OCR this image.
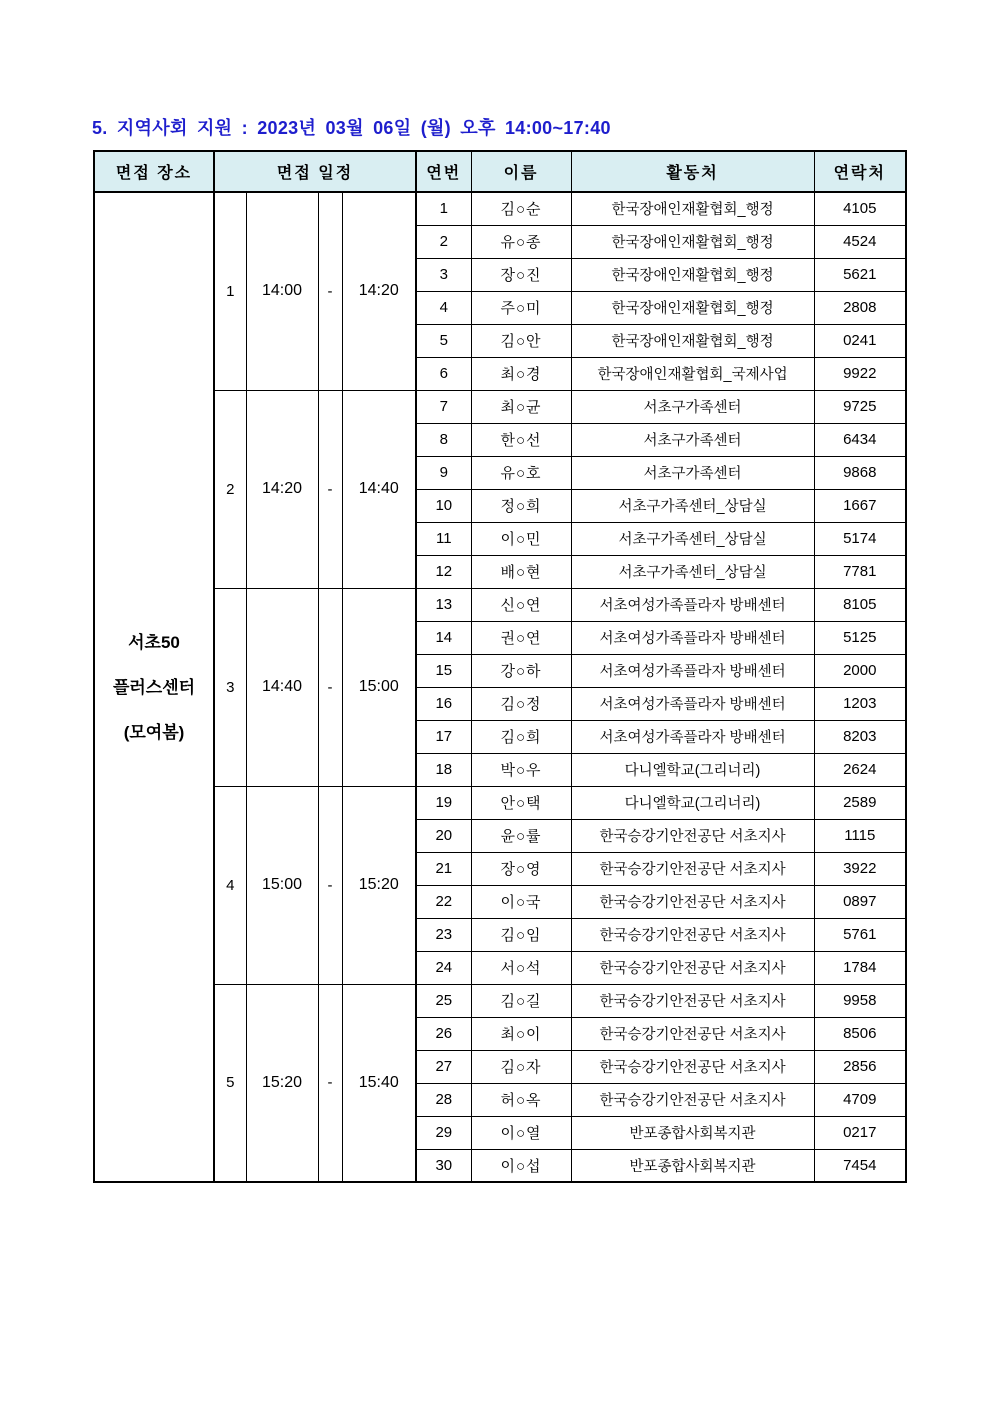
5. 지역사회 지원 : 2023년 03월 06일 (월) 오후 14:00~17:40
면접 장소	면접 일정				연번	이름	활동처	연락처

서초50
플러스센터
(모여봄)	1	14:00	-	14:20	1	김○순	한국장애인재활협회_행정	4105
					2	유○종	한국장애인재활협회_행정	4524
					3	장○진	한국장애인재활협회_행정	5621
					4	주○미	한국장애인재활협회_행정	2808
					5	김○안	한국장애인재활협회_행정	0241
					6	최○경	한국장애인재활협회_국제사업	9922
	2	14:20	-	14:40	7	최○균	서초구가족센터	9725
					8	한○선	서초구가족센터	6434
					9	유○호	서초구가족센터	9868
					10	정○희	서초구가족센터_상담실	1667
					11	이○민	서초구가족센터_상담실	5174
					12	배○현	서초구가족센터_상담실	7781
	3	14:40	-	15:00	13	신○연	서초여성가족플라자 방배센터	8105
					14	권○연	서초여성가족플라자 방배센터	5125
					15	강○하	서초여성가족플라자 방배센터	2000
					16	김○정	서초여성가족플라자 방배센터	1203
					17	김○희	서초여성가족플라자 방배센터	8203
					18	박○우	다니엘학교(그리너리)	2624
	4	15:00	-	15:20	19	안○택	다니엘학교(그리너리)	2589
					20	윤○률	한국승강기안전공단 서초지사	1115
					21	장○영	한국승강기안전공단 서초지사	3922
					22	이○국	한국승강기안전공단 서초지사	0897
					23	김○임	한국승강기안전공단 서초지사	5761
					24	서○석	한국승강기안전공단 서초지사	1784
	5	15:20	-	15:40	25	김○길	한국승강기안전공단 서초지사	9958
					26	최○이	한국승강기안전공단 서초지사	8506
					27	김○자	한국승강기안전공단 서초지사	2856
					28	허○옥	한국승강기안전공단 서초지사	4709
					29	이○열	반포종합사회복지관	0217
					30	이○섭	반포종합사회복지관	7454
